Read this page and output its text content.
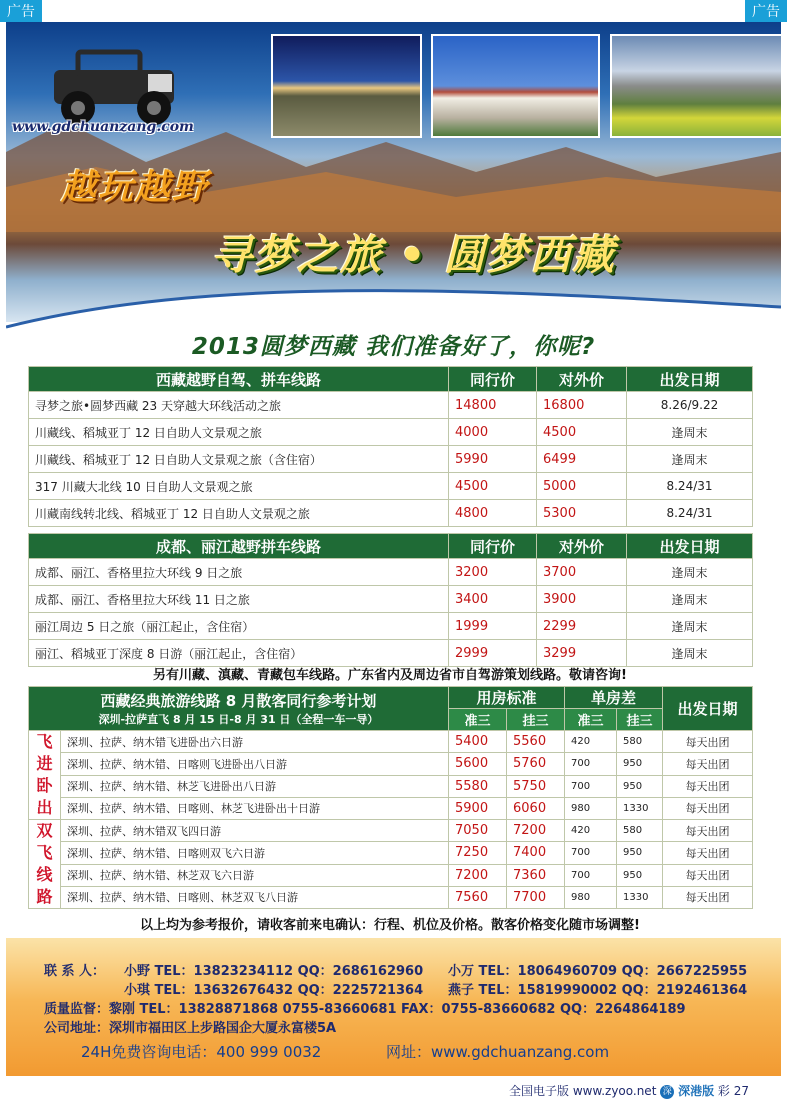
广告	广告
www.gdchuanzang.com
越玩越野
寻梦之旅 • 圆梦西藏
2013圆梦西藏 我们准备好了，你呢?
西藏越野自驾、拼车线路	同行价	对外价	出发日期
寻梦之旅•圆梦西藏 23 天穿越大环线活动之旅	14800	16800	8.26/9.22
川藏线、稻城亚丁 12 日自助人文景观之旅	4000	4500	逢周末
川藏线、稻城亚丁 12 日自助人文景观之旅（含住宿）	5990	6499	逢周末
317 川藏大北线 10 日自助人文景观之旅	4500	5000	8.24/31
川藏南线转北线、稻城亚丁 12 日自助人文景观之旅	4800	5300	8.24/31
成都、丽江越野拼车线路	同行价	对外价	出发日期
成都、丽江、香格里拉大环线 9 日之旅	3200	3700	逢周末
成都、丽江、香格里拉大环线 11 日之旅	3400	3900	逢周末
丽江周边 5 日之旅（丽江起止，含住宿）	1999	2299	逢周末
丽江、稻城亚丁深度 8 日游（丽江起止，含住宿）	2999	3299	逢周末
另有川藏、滇藏、青藏包车线路。广东省内及周边省市自驾游策划线路。敬请咨询!
西藏经典旅游线路 8 月散客同行参考计划
深圳-拉萨直飞 8 月 15 日-8 月 31 日（全程一车一导）		用房标准		单房差		出发日期
		准三	挂三	准三	挂三	
飞进卧出	深圳、拉萨、纳木错飞进卧出六日游	5400	5560	420	580	每天出团
	深圳、拉萨、纳木错、日喀则飞进卧出八日游	5600	5760	700	950	每天出团
	深圳、拉萨、纳木错、林芝飞进卧出八日游	5580	5750	700	950	每天出团
	深圳、拉萨、纳木错、日喀则、林芝飞进卧出十日游	5900	6060	980	1330	每天出团
双飞线路	深圳、拉萨、纳木错双飞四日游	7050	7200	420	580	每天出团
	深圳、拉萨、纳木错、日喀则双飞六日游	7250	7400	700	950	每天出团
	深圳、拉萨、纳木错、林芝双飞六日游	7200	7360	700	950	每天出团
	深圳、拉萨、纳木错、日喀则、林芝双飞八日游	7560	7700	980	1330	每天出团
以上均为参考报价，请收客前来电确认：行程、机位及价格。散客价格变化随市场调整!
联 系 人： 小野 TEL：13823234112 QQ：2686162960 小万 TEL：18064960709 QQ：2667225955
小琪 TEL：13632676432 QQ：2225721364 燕子 TEL：15819990002 QQ：2192461364
质量监督：黎刚 TEL：13828871868 0755-83660681 FAX：0755-83660682 QQ：2264864189
公司地址：深圳市福田区上步路国企大厦永富楼5A
24H免费咨询电话：400 999 0032	网址：www.gdchuanzang.com
全国电子版 www.zyoo.net 深 深港版 彩 27
